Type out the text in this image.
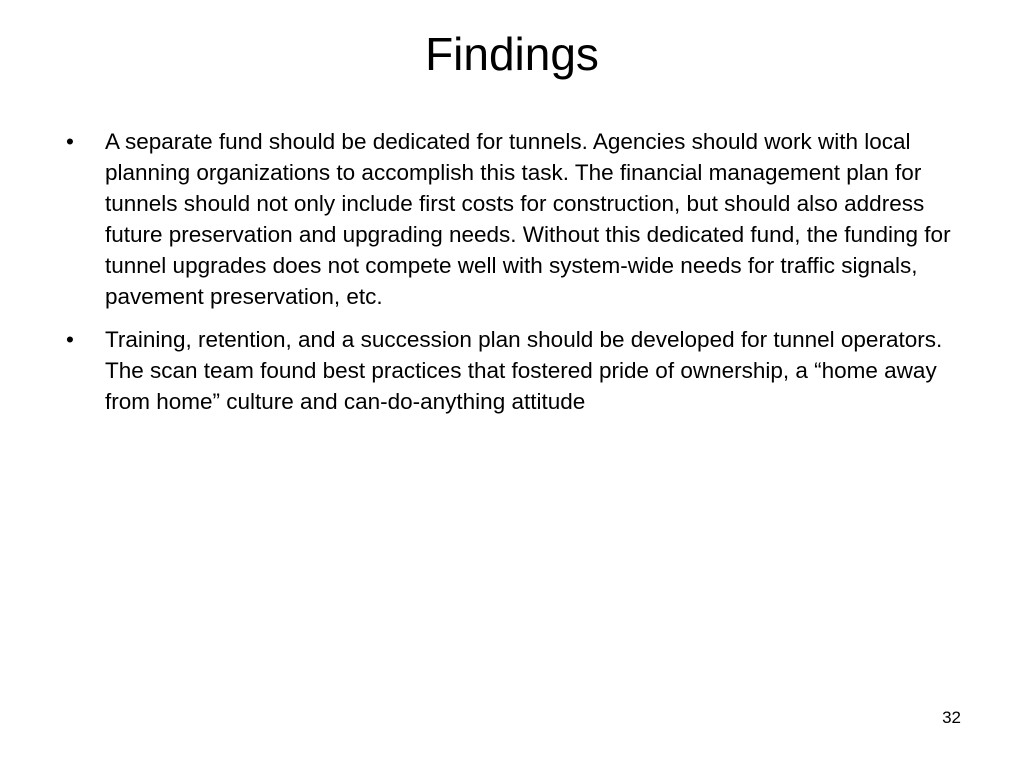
Findings
• A separate fund should be dedicated for tunnels. Agencies should work with local planning organizations to accomplish this task. The financial management plan for tunnels should not only include first costs for construction, but should also address future preservation and upgrading needs. Without this dedicated fund, the funding for tunnel upgrades does not compete well with system-wide needs for traffic signals, pavement preservation, etc.
• Training, retention, and a succession plan should be developed for tunnel operators. The scan team found best practices that fostered pride of ownership, a “home away from home” culture and can-do-anything attitude
32
